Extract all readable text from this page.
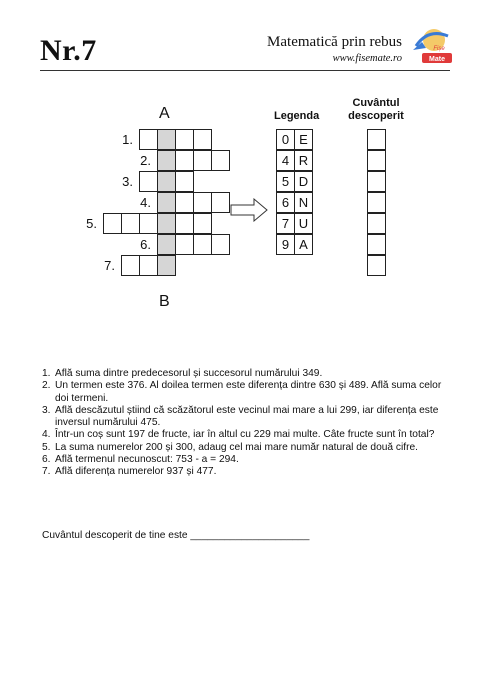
Nr.7	Matematică prin rebus
www.fisemate.ro	Mate
Fișe
A
B
1.
2.
3.
4.
5.
6.
7.
Legenda
0 E
4 R
5 D
6 N
7 U
9 A
Cuvântul
descoperit
1. Află suma dintre predecesorul și succesorul numărului 349.
2. Un termen este 376. Al doilea termen este diferența dintre 630 și 489. Află suma celor doi termeni.
3. Află descăzutul știind că scăzătorul este vecinul mai mare a lui 299, iar diferența este inversul numărului 475.
4. Într-un coș sunt 197 de fructe, iar în altul cu 229 mai multe. Câte fructe sunt în total?
5. La suma numerelor 200 și 300, adaug cel mai mare număr natural de două cifre.
6. Află termenul necunoscut: 753 - a = 294.
7. Află diferența numerelor 937 și 477.
Cuvântul descoperit de tine este _____________________
